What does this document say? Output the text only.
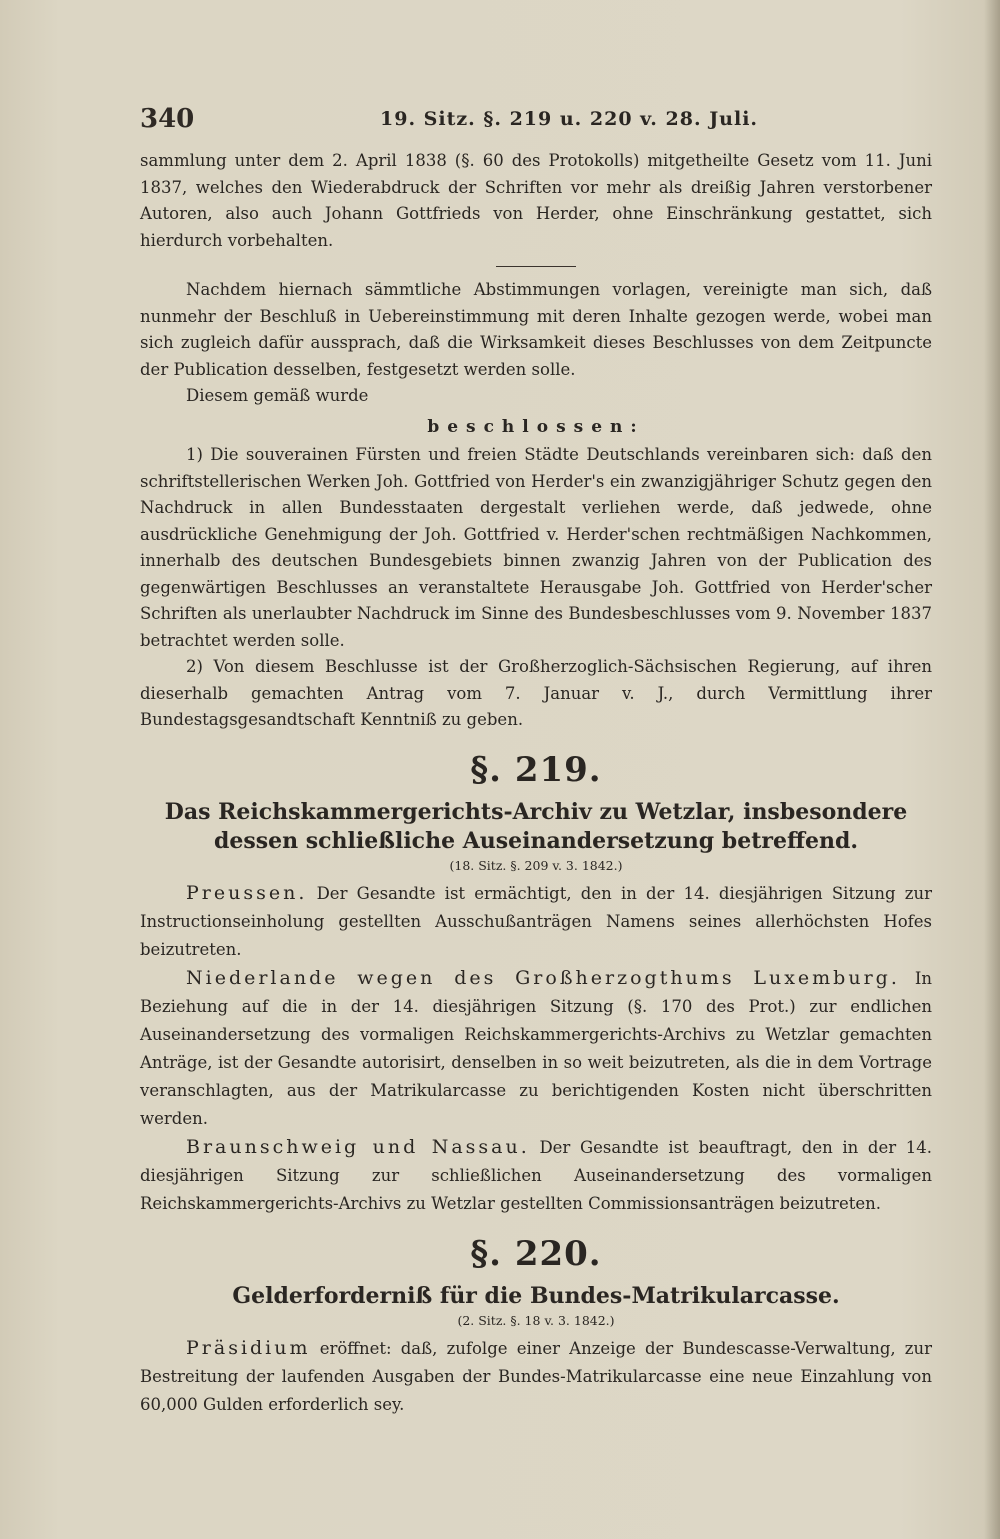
340	19. Sitz. §. 219 u. 220 v. 28. Juli.

sammlung unter dem 2. April 1838 (§. 60 des Protokolls) mitgetheilte Gesetz vom 11. Juni 1837, welches den Wiederabdruck der Schriften vor mehr als dreißig Jahren verstorbener Autoren, also auch Johann Gottfrieds von Herder, ohne Einschränkung gestattet, sich hierdurch vorbehalten.

Nachdem hiernach sämmtliche Abstimmungen vorlagen, vereinigte man sich, daß nunmehr der Beschluß in Uebereinstimmung mit deren Inhalte gezogen werde, wobei man sich zugleich dafür aussprach, daß die Wirksamkeit dieses Beschlusses von dem Zeitpuncte der Publication desselben, festgesetzt werden solle.

Diesem gemäß wurde

beschlossen:

1) Die souverainen Fürsten und freien Städte Deutschlands vereinbaren sich: daß den schriftstellerischen Werken Joh. Gottfried von Herder's ein zwanzigjähriger Schutz gegen den Nachdruck in allen Bundesstaaten dergestalt verliehen werde, daß jedwede, ohne ausdrückliche Genehmigung der Joh. Gottfried v. Herder'schen rechtmäßigen Nachkommen, innerhalb des deutschen Bundesgebiets binnen zwanzig Jahren von der Publication des gegenwärtigen Beschlusses an veranstaltete Herausgabe Joh. Gottfried von Herder'scher Schriften als unerlaubter Nachdruck im Sinne des Bundesbeschlusses vom 9. November 1837 betrachtet werden solle.

2) Von diesem Beschlusse ist der Großherzoglich-Sächsischen Regierung, auf ihren dieserhalb gemachten Antrag vom 7. Januar v. J., durch Vermittlung ihrer Bundestagsgesandtschaft Kenntniß zu geben.

§. 219.
Das Reichskammergerichts-Archiv zu Wetzlar, insbesondere dessen schließliche Auseinandersetzung betreffend.
(18. Sitz. §. 209 v. 3. 1842.)

Preussen. Der Gesandte ist ermächtigt, den in der 14. diesjährigen Sitzung zur Instructionseinholung gestellten Ausschußanträgen Namens seines allerhöchsten Hofes beizutreten.

Niederlande wegen des Großherzogthums Luxemburg. In Beziehung auf die in der 14. diesjährigen Sitzung (§. 170 des Prot.) zur endlichen Auseinandersetzung des vormaligen Reichskammergerichts-Archivs zu Wetzlar gemachten Anträge, ist der Gesandte autorisirt, denselben in so weit beizutreten, als die in dem Vortrage veranschlagten, aus der Matrikularcasse zu berichtigenden Kosten nicht überschritten werden.

Braunschweig und Nassau. Der Gesandte ist beauftragt, den in der 14. diesjährigen Sitzung zur schließlichen Auseinandersetzung des vormaligen Reichskammergerichts-Archivs zu Wetzlar gestellten Commissionsanträgen beizutreten.

§. 220.
Gelderforderniß für die Bundes-Matrikularcasse.
(2. Sitz. §. 18 v. 3. 1842.)

Präsidium eröffnet: daß, zufolge einer Anzeige der Bundescasse-Verwaltung, zur Bestreitung der laufenden Ausgaben der Bundes-Matrikularcasse eine neue Einzahlung von 60,000 Gulden erforderlich sey.
